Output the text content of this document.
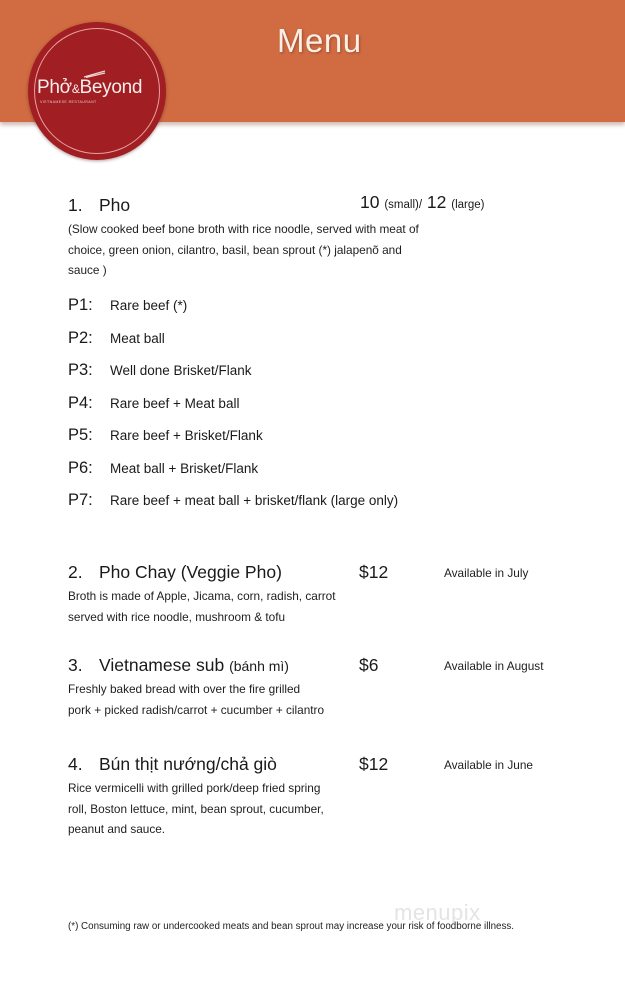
Menu
Phở&Beyond
VIETNAMESE RESTAURANT
1. Pho	10 (small)/ 12 (large)
(Slow cooked beef bone broth with rice noodle, served with meat of
choice, green onion, cilantro, basil, bean sprout (*) jalapenõ and
sauce )
P1: Rare beef (*)
P2: Meat ball
P3: Well done Brisket/Flank
P4: Rare beef + Meat ball
P5: Rare beef + Brisket/Flank
P6: Meat ball + Brisket/Flank
P7: Rare beef + meat ball + brisket/flank (large only)
2. Pho Chay (Veggie Pho)	$12	Available in July
Broth is made of Apple, Jicama, corn, radish, carrot
served with rice noodle, mushroom & tofu
3. Vietnamese sub (bánh mì)	$6	Available in August
Freshly baked bread with over the fire grilled
pork + picked radish/carrot + cucumber + cilantro
4. Bún thịt nướng/chả giò	$12	Available in June
Rice vermicelli with grilled pork/deep fried spring
roll, Boston lettuce, mint, bean sprout, cucumber,
peanut and sauce.
menupix
(*) Consuming raw or undercooked meats and bean sprout may increase your risk of foodborne illness.
